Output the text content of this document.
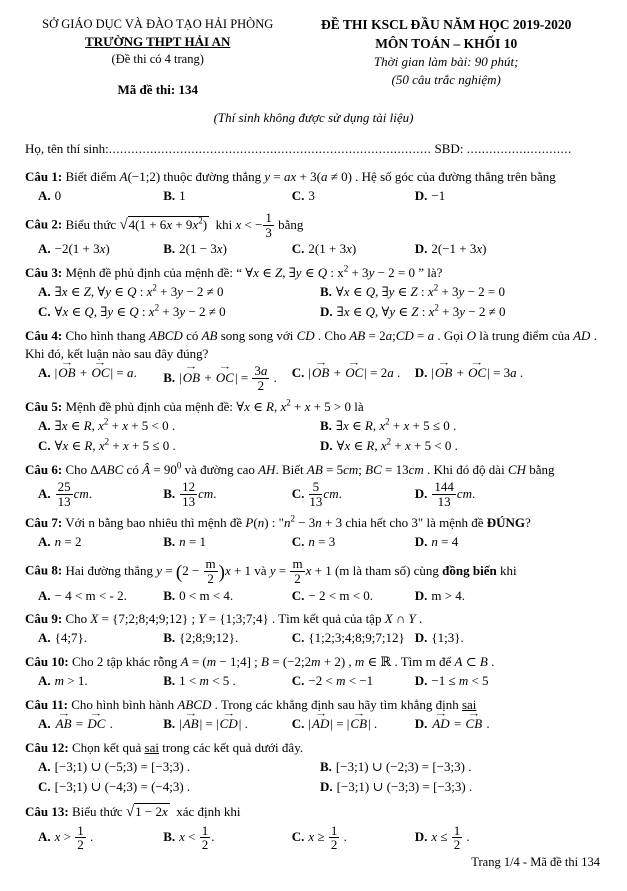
SỞ GIÁO DỤC VÀ ĐÀO TẠO HẢI PHÒNG
TRƯỜNG THPT HẢI AN
(Đề thi có 4 trang)
Mã đề thi: 134
ĐỀ THI KSCL ĐẦU NĂM HỌC 2019-2020
MÔN TOÁN – KHỐI 10
Thời gian làm bài: 90 phút;
(50 câu trắc nghiệm)
(Thí sinh không được sử dụng tài liệu)
Họ, tên thí sinh:...................................................................................... SBD: ............................

Câu 1: Biết điểm A(−1;2) thuộc đường thẳng y = ax + 3(a ≠ 0) . Hệ số góc của đường thẳng trên bằng

A. 0	B. 1	C. 3	D. −1

Câu 2: Biểu thức √ $4(1 + 6x + 9x^2)$  khi x < − $\frac{1}{3}$ bằng

A. −2(1 + 3x)	B. 2(1 − 3x)	C. 2(1 + 3x)	D. 2(−1 + 3x)

Câu 3: Mệnh đề phủ định của mệnh đề: “ ∀x ∈ Z, ∃y ∈ Q : $x^2 + 3y - 2 = 0$ ” là?

A. ∃x ∈ Z, ∀y ∈ Q : $x^2 + 3y - 2 \ne 0$	B. ∀x ∈ Q, ∃y ∈ Z : $x^2 + 3y - 2 = 0$
C. ∀x ∈ Q, ∃y ∈ Q : $x^2 + 3y - 2 \ne 0$	D. ∃x ∈ Q, ∀y ∈ Z : $x^2 + 3y - 2 \ne 0$

Câu 4: Cho hình thang ABCD có AB song song với CD . Cho AB = 2a;CD = a . Gọi O là trung điểm của AD . Khi đó, kết luận nào sau đây đúng?

A. |OB → + OC →| = a.	B. |OB → + OC →| = $\frac{3a}{2}$ .	C. |OB → + OC →| = 2a .	D. |OB → + OC →| = 3a .

Câu 5: Mệnh đề phủ định của mệnh đề: ∀x ∈ R, $x^2 + x + 5 > 0$ là

A. ∃x ∈ R, $x^2 + x + 5 < 0$ .	B. ∃x ∈ R, $x^2 + x + 5 \le 0$ .
C. ∀x ∈ R, $x^2 + x + 5 \le 0$ .	D. ∀x ∈ R, $x^2 + x + 5 < 0$ .

Câu 6: Cho ΔABC có Â = $90^0$ và đường cao AH. Biết AB = 5cm; BC = 13cm . Khi đó độ dài CH bằng

A. $\frac{25}{13}$ cm.	B. $\frac{12}{13}$ cm.	C. $\frac{5}{13}$ cm.	D. $\frac{144}{13}$ cm.

Câu 7: Với n bằng bao nhiêu thì mệnh đề P(n) : "$n^2 - 3n + 3$ chia hết cho 3" là mệnh đề ĐÚNG?

A. n = 2	B. n = 1	C. n = 3	D. n = 4

Câu 8: Hai đường thẳng $y = (2 - \frac{m}{2} )x + 1$ và $y = \frac{m}{2}$ x + 1 (m là tham số) cùng đồng biến khi

A. − 4 < m < - 2.	B. 0 < m < 4.	C. − 2 < m < 0.	D. m > 4.

Câu 9: Cho X = {7;2;8;4;9;12} ; Y = {1;3;7;4} . Tìm kết quả của tập X ∩ Y .

A. {4;7}.	B. {2;8;9;12}.	C. {1;2;3;4;8;9;7;12} D. {1;3}.

Câu 10: Cho 2 tập khác rỗng A = (m − 1;4] ; B = (−2;2m + 2) , m ∈ ℝ . Tìm m để A ⊂ B .

A. m > 1.	B. 1 < m < 5 .	C. −2 < m < −1	D. −1 ≤ m < 5

Câu 11: Cho hình bình hành ABCD . Trong các khẳng định sau hãy tìm khẳng định sai

A. AB → = DC → .	B. |AB →| = |CD →| .	C. |AD →| = |CB →| .	D. AD → = CB → .

Câu 12: Chọn kết quả sai trong các kết quả dưới đây.

A. [−3;1) ∪ (−5;3) = [−3;3) .	B. [−3;1) ∪ (−2;3) = [−3;3) .
C. [−3;1) ∪ (−4;3) = (−4;3) .	D. [−3;1) ∪ (−3;3) = [−3;3) .

Câu 13: Biểu thức √ 1 − 2x  xác định khi

A. $x > \frac{1}{2}$ .	B. $x < \frac{1}{2}$ .	C. $x \ge \frac{1}{2}$ .	D. $x \le \frac{1}{2}$ .
Trang 1/4 - Mã đề thi 134
